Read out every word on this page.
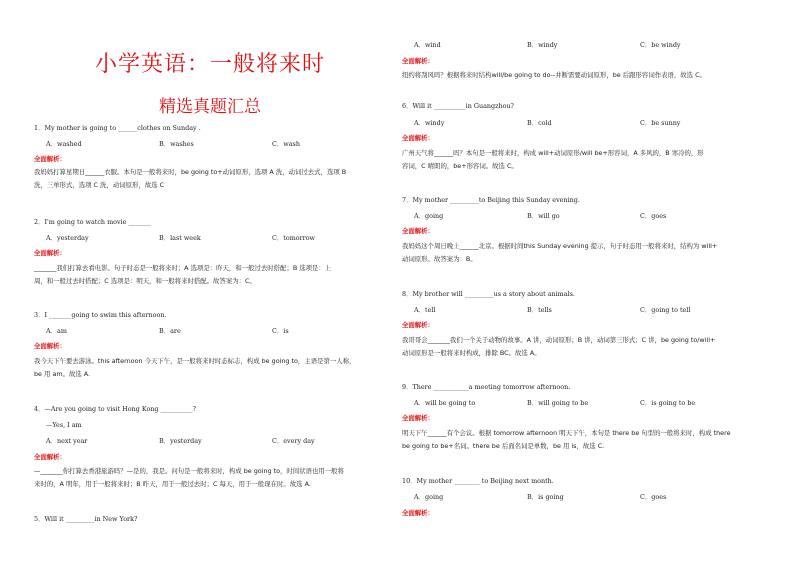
小学英语：一般将来时
精选真题汇总
1．My mother is going to ______clothes on Sunday .
A．washed	B．washes	C．wash
全面解析：
我妈妈打算星期日______衣服。本句是一般将来时，be going to+动词原形，选项 A 洗，动词过去式，选项 B
洗，三单形式，选项 C 洗，动词原形，故选 C
2．I'm going to watch movie _______
A．yesterday	B．last week	C．tomorrow
全面解析：
_______我们打算去看电影。句子时态是一般将来时；A 选项是：昨天，和一般过去时搭配；B 选项是：上
周，和一般过去时搭配；C 选项是：明天，和一般将来时搭配。故答案为：C。
3．I _______going to swim this afternoon.
A．am	B．are	C．is
全面解析：
我今天下午要去游泳。this afternoon 今天下午，是一般将来时时态标志，构成 be going to，主语是第一人称，
be 用 am。故选 A.
4．—Are you going to visit Hong Kong __________?
—Yes, I am
A．next year	B．yesterday	C．every day
全面解析：
—_______你打算去香港旅游吗？—是的，我是。问句是一般将来时，构成 be going to，时间状语也用一般将
来时的，A 明年，用于一般将来时；B 昨天，用于一般过去时；C 每天，用于一般现在时。故选 A.
5．Will it _________in New York?
A．wind	B．windy	C．be windy
全面解析：
纽约将刮风吗？根据将来时结构will/be going to do--并断需要动词原形，be 后跟形容词作表语，故选 C。
6．Will it __________in Guangzhou?
A．windy	B．cold	C．be sunny
全面解析：
广州天气将______吗？本句是一般将来时，构成 will+动词原形/will be+形容词，A 多风的，B 寒冷的，形
容词，C 晴朗的，be+形容词。故选 C。
7．My mother _________to Beijing this Sunday evening.
A．going	B．will go	C．goes
全面解析：
我妈妈这个周日晚上______北京。根据时间this Sunday evening 提示，句子时态用一般将来时，结构为 will+
动词原形。故答案为：B。
8．My brother will _________us a story about animals.
A．tell	B．tells	C．going to tell
全面解析：
我哥哥会_______我们一个关于动物的故事。A 讲，动词原形；B 讲，动词第三形式；C 讲，be going to/will+
动词原形是一般将来时构成，排除 BC。故选 A。
9．There ___________a meeting tomorrow afternoon.
A．will be going to	B．will going to be	C．is going to be
全面解析：
明天下午______有个会议。根据 tomorrow afternoon 明天下午，本句是 there be 句型的一般将来时，构成 there
be going to be+名词。there be 后面名词是单数，be 用 is，故选 C.
10．My mother ________ to Beijing next month.
A．going	B．is going	C．goes
全面解析：
